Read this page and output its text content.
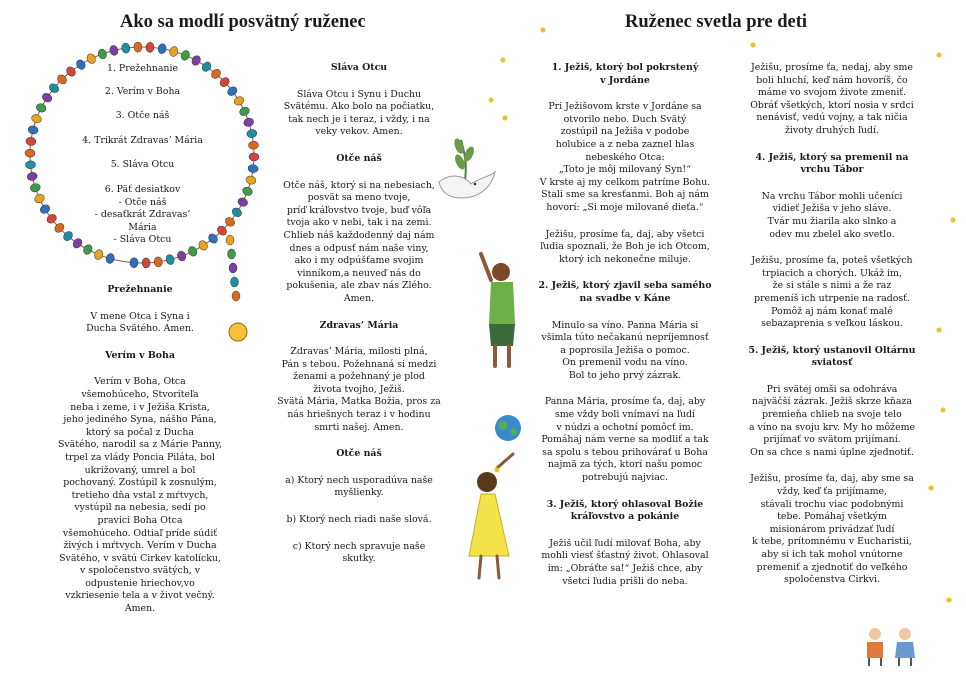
Ako sa modlí posvätný ruženec
1. Prežehnanie
2. Verím v Boha
3. Otče náš
4. Trikrát Zdravas’ Mária
5. Sláva Otcu
6. Päť desiatkov
- Otče náš
- desaťkrát Zdravas’ Mária
- Sláva Otcu
Prežehnanie
V mene Otca i Syna i
Ducha Svätého. Amen.
Verím v Boha
Verím v Boha, Otca
všemohúceho, Stvoriteľa
neba i zeme, i v Ježiša Krista,
jeho jediného Syna, nášho Pána,
ktorý sa počal z Ducha
Svätého, narodil sa z Márie Panny,
trpel za vlády Poncia Piláta, bol
ukrižovaný, umrel a bol
pochovaný. Zostúpil k zosnulým,
tretieho dňa vstal z mŕtvych,
vystúpil na nebesia, sedí po
pravici Boha Otca
všemohúceho. Odtiaľ príde súdiť
živých i mŕtvych. Verím v Ducha
Svätého, v svätú Cirkev katolícku,
v spoločenstvo svätých, v
odpustenie hriechov,vo
vzkriesenie tela a v život večný.
Amen.
Sláva Otcu
Sláva Otcu i Synu i Duchu
Svätému. Ako bolo na počiatku,
tak nech je i teraz, i vždy, i na
veky vekov. Amen.
Otče náš
Otče náš, ktorý si na nebesiach,
posvät sa meno tvoje,
príď kráľovstvo tvoje, buď vôľa
tvoja ako v nebi, tak i na zemi.
Chlieb náš každodenný daj nám
dnes a odpusť nám naše viny,
ako i my odpúšťame svojim
vinníkom,a neuveď nás do
pokušenia, ale zbav nás Zlého.
Amen.
Zdravas’ Mária
Zdravas’ Mária, milosti plná,
Pán s tebou. Požehnaná si medzi
ženami a požehnaný je plod
života tvojho, Ježiš.
Svätá Mária, Matka Božia, pros za
nás hriešnych teraz i v hodinu
smrti našej. Amen.
Otče náš
a) Ktorý nech usporadúva naše
myšlienky.
b) Ktorý nech riadi naše slová.
c) Ktorý nech spravuje naše
skutky.
Ruženec svetla pre deti
1. Ježiš, ktorý bol pokrstený
v Jordáne
Pri Ježišovom krste v Jordáne sa
otvorilo nebo. Duch Svätý
zostúpil na Ježiša v podobe
holubice a z neba zaznel hlas
nebeského Otca:
„Toto je môj milovaný Syn!“
V krste aj my celkom patríme Bohu.
Stali sme sa kresťanmi. Boh aj nám
hovorí: „Si moje milované dieťa.“
Ježišu, prosíme ťa, daj, aby všetci
ľudia spoznali, že Boh je ich Otcom,
ktorý ich nekonečne miluje.
2. Ježiš, ktorý zjavil seba samého
na svadbe v Káne
Minulo sa víno. Panna Mária si
všimla túto nečakanú nepríjemnosť
a poprosila Ježiša o pomoc.
On premenil vodu na víno.
Bol to jeho prvý zázrak.
Panna Mária, prosíme ťa, daj, aby
sme vždy boli vnímaví na ľudí
v núdzi a ochotní pomôcť im.
Pomáhaj nám verne sa modliť a tak
sa spolu s tebou prihovárať u Boha
najmä za tých, ktorí našu pomoc
potrebujú najviac.
3. Ježiš, ktorý ohlasoval Božie
kráľovstvo a pokánie
Ježiš učil ľudí milovať Boha, aby
mohli viesť šťastný život. Ohlasoval
im: „Obráťte sa!“ Ježiš chce, aby
všetci ľudia prišli do neba.
Ježišu, prosíme ťa, nedaj, aby sme
boli hluchí, keď nám hovoríš, čo
máme vo svojom živote zmeniť.
Obráť všetkých, ktorí nosia v srdci
nenávisť, vedú vojny, a tak ničia
životy druhých ľudí.
4. Ježiš, ktorý sa premenil na
vrchu Tábor
Na vrchu Tábor mohli učeníci
vidieť Ježiša v jeho sláve.
Tvár mu žiarila ako slnko a
odev mu zbelel ako svetlo.
Ježišu, prosíme ťa, poteš všetkých
trpiacich a chorých. Ukáž im,
že si stále s nimi a že raz
premeníš ich utrpenie na radosť.
Pomôž aj nám konať malé
sebazaprenia s veľkou láskou.
5. Ježiš, ktorý ustanovil Oltárnu
sviatosť
Pri svätej omši sa odohráva
najväčší zázrak. Ježiš skrze kňaza
premieňa chlieb na svoje telo
a víno na svoju krv. My ho môžeme
prijímať vo svätom prijímaní.
On sa chce s nami úplne zjednotiť.
Ježišu, prosíme ťa, daj, aby sme sa
vždy, keď ťa prijímame,
stávali trochu viac podobnými
tebe. Pomáhaj všetkým
misionárom privádzať ľudí
k tebe, prítomnému v Eucharistii,
aby si ich tak mohol vnútorne
premeniť a zjednotiť do veľkého
spoločenstva Cirkvi.
